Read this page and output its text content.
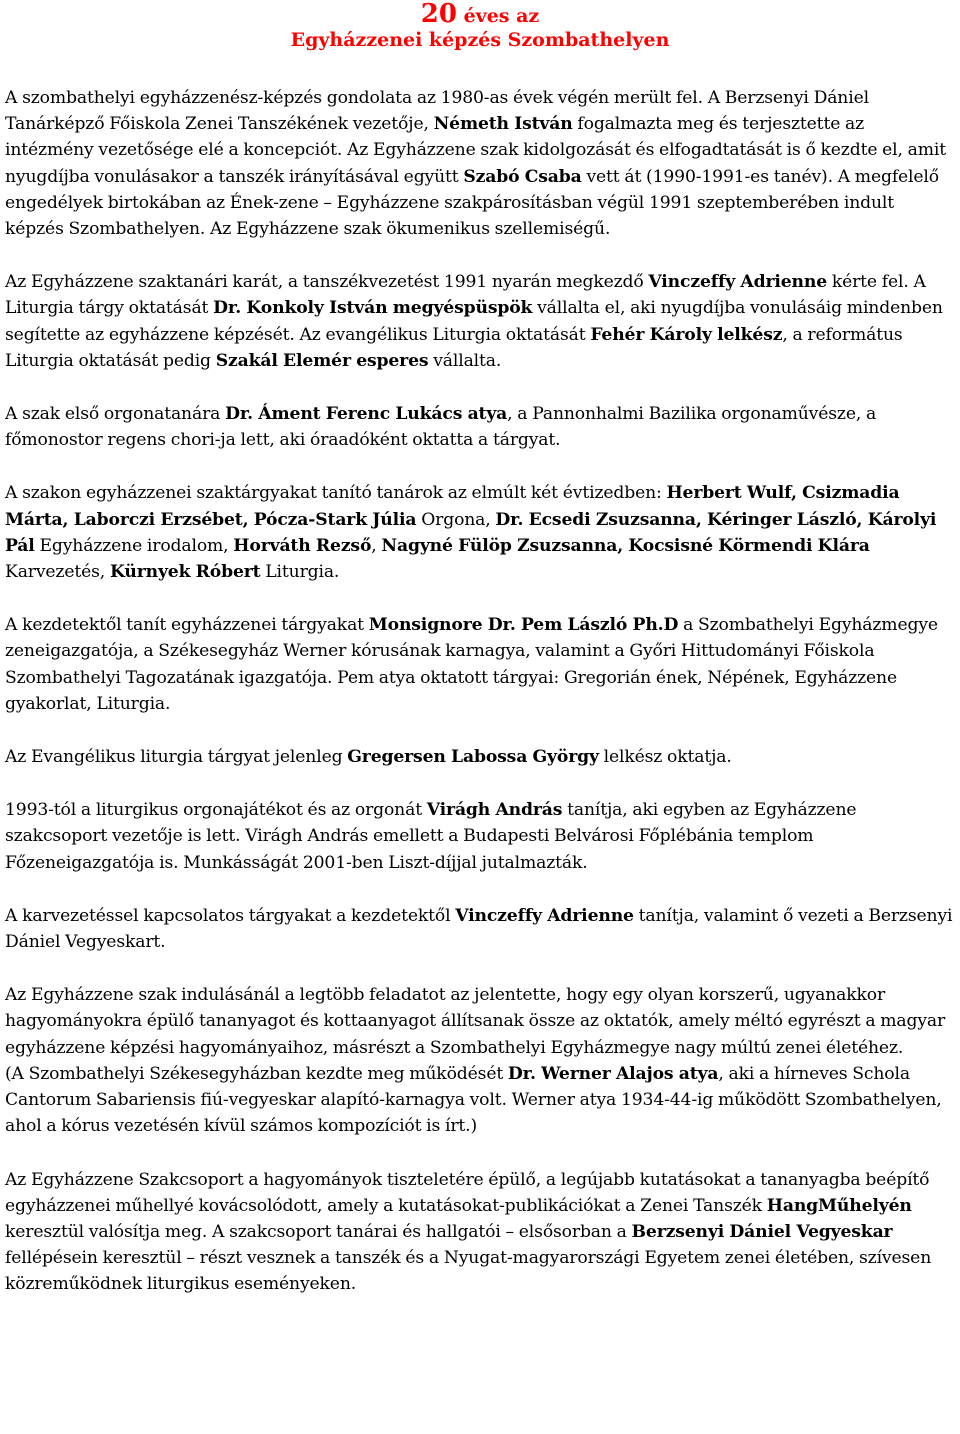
20 éves az
Egyházzenei képzés Szombathelyen

A szombathelyi egyházzenész-képzés gondolata az 1980-as évek végén merült fel. A Berzsenyi Dániel Tanárképző Főiskola Zenei Tanszékének vezetője, Németh István fogalmazta meg és terjesztette az intézmény vezetősége elé a koncepciót. Az Egyházzene szak kidolgozását és elfogadtatását is ő kezdte el, amit nyugdíjba vonulásakor a tanszék irányításával együtt Szabó Csaba vett át (1990-1991-es tanév). A megfelelő engedélyek birtokában az Ének-zene – Egyházzene szakpárosításban végül 1991 szeptemberében indult képzés Szombathelyen. Az Egyházzene szak ökumenikus szellemiségű.

Az Egyházzene szaktanári karát, a tanszékvezetést 1991 nyarán megkezdő Vinczeffy Adrienne kérte fel. A Liturgia tárgy oktatását Dr. Konkoly István megyéspüspök vállalta el, aki nyugdíjba vonulásáig mindenben segítette az egyházzene képzését. Az evangélikus Liturgia oktatását Fehér Károly lelkész, a református Liturgia oktatását pedig Szakál Elemér esperes vállalta.

A szak első orgonatanára Dr. Áment Ferenc Lukács atya, a Pannonhalmi Bazilika orgonaművésze, a főmonostor regens chori-ja lett, aki óraadóként oktatta a tárgyat.

A szakon egyházzenei szaktárgyakat tanító tanárok az elmúlt két évtizedben: Herbert Wulf, Csizmadia Márta, Laborczi Erzsébet, Pócza-Stark Júlia Orgona, Dr. Ecsedi Zsuzsanna, Kéringer László, Károlyi Pál Egyházzene irodalom, Horváth Rezső, Nagyné Fülöp Zsuzsanna, Kocsisné Körmendi Klára Karvezetés, Kürnyek Róbert Liturgia.

A kezdetektől tanít egyházzenei tárgyakat Monsignore Dr. Pem László Ph.D a Szombathelyi Egyházmegye zeneigazgatója, a Székesegyház Werner kórusának karnagya, valamint a Győri Hittudományi Főiskola Szombathelyi Tagozatának igazgatója. Pem atya oktatott tárgyai: Gregorián ének, Népének, Egyházzene gyakorlat, Liturgia.

Az Evangélikus liturgia tárgyat jelenleg Gregersen Labossa György lelkész oktatja.

1993-tól a liturgikus orgonajátékot és az orgonát Virágh András tanítja, aki egyben az Egyházzene szakcsoport vezetője is lett. Virágh András emellett a Budapesti Belvárosi Főplébánia templom Főzeneigazgatója is. Munkásságát 2001-ben Liszt-díjjal jutalmazták.

A karvezetéssel kapcsolatos tárgyakat a kezdetektől Vinczeffy Adrienne tanítja, valamint ő vezeti a Berzsenyi Dániel Vegyeskart.

Az Egyházzene szak indulásánál a legtöbb feladatot az jelentette, hogy egy olyan korszerű, ugyanakkor hagyományokra épülő tananyagot és kottaanyagot állítsanak össze az oktatók, amely méltó egyrészt a magyar egyházzene képzési hagyományaihoz, másrészt a Szombathelyi Egyházmegye nagy múltú zenei életéhez.

(A Szombathelyi Székesegyházban kezdte meg működését Dr. Werner Alajos atya, aki a hírneves Schola Cantorum Sabariensis fiú-vegyeskar alapító-karnagya volt. Werner atya 1934-44-ig működött Szombathelyen, ahol a kórus vezetésén kívül számos kompozíciót is írt.)

Az Egyházzene Szakcsoport a hagyományok tiszteletére épülő, a legújabb kutatásokat a tananyagba beépítő egyházzenei műhellyé kovácsolódott, amely a kutatásokat-publikációkat a Zenei Tanszék HangMűhelyén keresztül valósítja meg. A szakcsoport tanárai és hallgatói – elsősorban a Berzsenyi Dániel Vegyeskar fellépésein keresztül – részt vesznek a tanszék és a Nyugat-magyarországi Egyetem zenei életében, szívesen közreműködnek liturgikus eseményeken.
